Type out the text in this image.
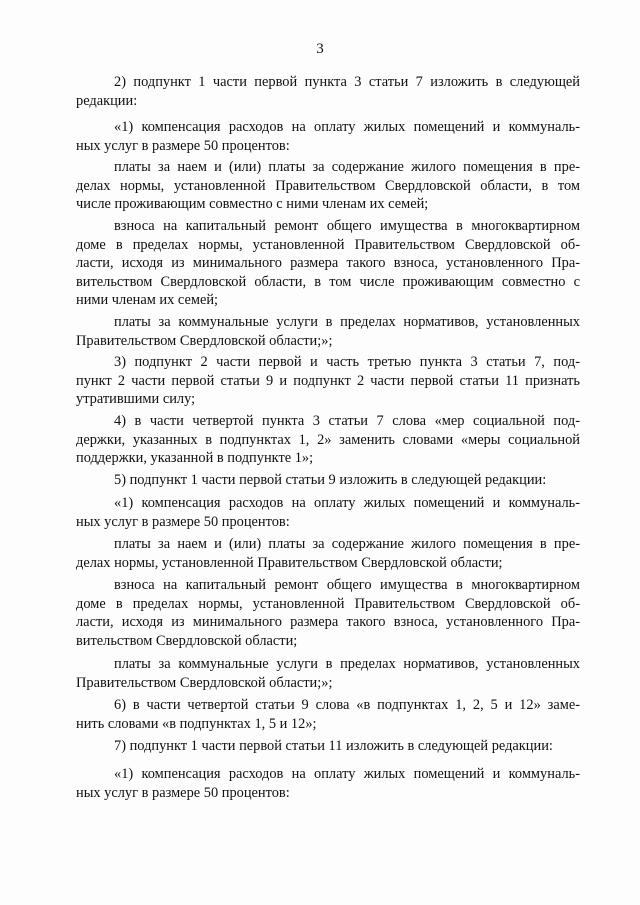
3
2) подпункт 1 части первой пункта 3 статьи 7 изложить в следующей
редакции:
«1) компенсация расходов на оплату жилых помещений и коммуналь-
ных услуг в размере 50 процентов:
платы за наем и (или) платы за содержание жилого помещения в пре-
делах нормы, установленной Правительством Свердловской области, в том
числе проживающим совместно с ними членам их семей;
взноса на капитальный ремонт общего имущества в многоквартирном
доме в пределах нормы, установленной Правительством Свердловской об-
ласти, исходя из минимального размера такого взноса, установленного Пра-
вительством Свердловской области, в том числе проживающим совместно с
ними членам их семей;
платы за коммунальные услуги в пределах нормативов, установленных
Правительством Свердловской области;»;
3) подпункт 2 части первой и часть третью пункта 3 статьи 7, под-
пункт 2 части первой статьи 9 и подпункт 2 части первой статьи 11 признать
утратившими силу;
4) в части четвертой пункта 3 статьи 7 слова «мер социальной под-
держки, указанных в подпунктах 1, 2» заменить словами «меры социальной
поддержки, указанной в подпункте 1»;
5) подпункт 1 части первой статьи 9 изложить в следующей редакции:
«1) компенсация расходов на оплату жилых помещений и коммуналь-
ных услуг в размере 50 процентов:
платы за наем и (или) платы за содержание жилого помещения в пре-
делах нормы, установленной Правительством Свердловской области;
взноса на капитальный ремонт общего имущества в многоквартирном
доме в пределах нормы, установленной Правительством Свердловской об-
ласти, исходя из минимального размера такого взноса, установленного Пра-
вительством Свердловской области;
платы за коммунальные услуги в пределах нормативов, установленных
Правительством Свердловской области;»;
6) в части четвертой статьи 9 слова «в подпунктах 1, 2, 5 и 12» заме-
нить словами «в подпунктах 1, 5 и 12»;
7) подпункт 1 части первой статьи 11 изложить в следующей редакции:
«1) компенсация расходов на оплату жилых помещений и коммуналь-
ных услуг в размере 50 процентов:
